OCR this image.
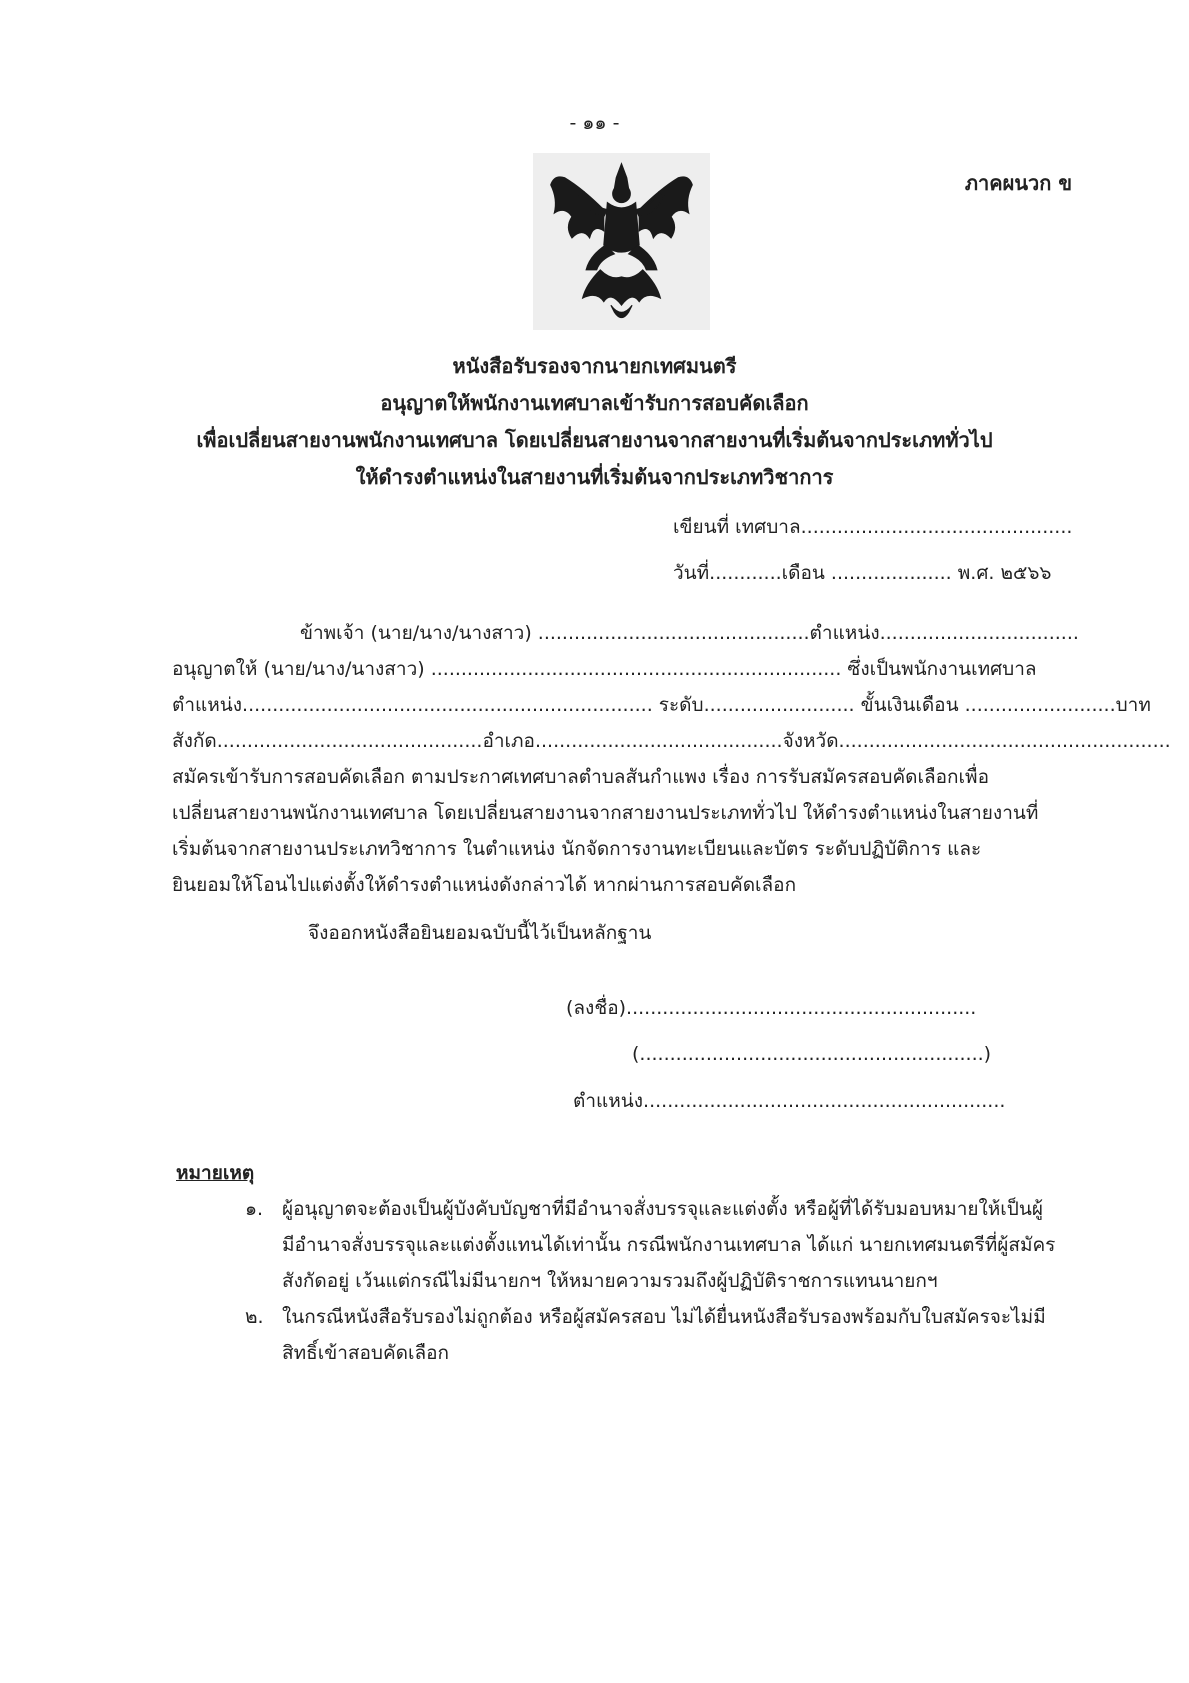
- ๑๑ -
ภาคผนวก ข
หนังสือรับรองจากนายกเทศมนตรี
อนุญาตให้พนักงานเทศบาลเข้ารับการสอบคัดเลือก
เพื่อเปลี่ยนสายงานพนักงานเทศบาล โดยเปลี่ยนสายงานจากสายงานที่เริ่มต้นจากประเภททั่วไป
ให้ดำรงตำแหน่งในสายงานที่เริ่มต้นจากประเภทวิชาการ
เขียนที่ เทศบาล.............................................
วันที่............เดือน .................... พ.ศ. ๒๕๖๖
ข้าพเจ้า (นาย/นาง/นางสาว) .............................................ตำแหน่ง.................................
อนุญาตให้ (นาย/นาง/นางสาว) .................................................................... ซึ่งเป็นพนักงานเทศบาล
ตำแหน่ง.................................................................... ระดับ......................... ขั้นเงินเดือน .........................บาท
สังกัด............................................อำเภอ.........................................จังหวัด.......................................................
สมัครเข้ารับการสอบคัดเลือก ตามประกาศเทศบาลตำบลสันกำแพง เรื่อง การรับสมัครสอบคัดเลือกเพื่อ
เปลี่ยนสายงานพนักงานเทศบาล โดยเปลี่ยนสายงานจากสายงานประเภททั่วไป ให้ดำรงตำแหน่งในสายงานที่
เริ่มต้นจากสายงานประเภทวิชาการ ในตำแหน่ง นักจัดการงานทะเบียนและบัตร ระดับปฏิบัติการ และ
ยินยอมให้โอนไปแต่งตั้งให้ดำรงตำแหน่งดังกล่าวได้ หากผ่านการสอบคัดเลือก
จึงออกหนังสือยินยอมฉบับนี้ไว้เป็นหลักฐาน
(ลงชื่อ)..........................................................
(.........................................................)
ตำแหน่ง............................................................
หมายเหตุ
๑. ผู้อนุญาตจะต้องเป็นผู้บังคับบัญชาที่มีอำนาจสั่งบรรจุและแต่งตั้ง หรือผู้ที่ได้รับมอบหมายให้เป็นผู้
มีอำนาจสั่งบรรจุและแต่งตั้งแทนได้เท่านั้น กรณีพนักงานเทศบาล ได้แก่ นายกเทศมนตรีที่ผู้สมัคร
สังกัดอยู่ เว้นแต่กรณีไม่มีนายกฯ ให้หมายความรวมถึงผู้ปฏิบัติราชการแทนนายกฯ
๒. ในกรณีหนังสือรับรองไม่ถูกต้อง หรือผู้สมัครสอบ ไม่ได้ยื่นหนังสือรับรองพร้อมกับใบสมัครจะไม่มี
สิทธิ์เข้าสอบคัดเลือก
